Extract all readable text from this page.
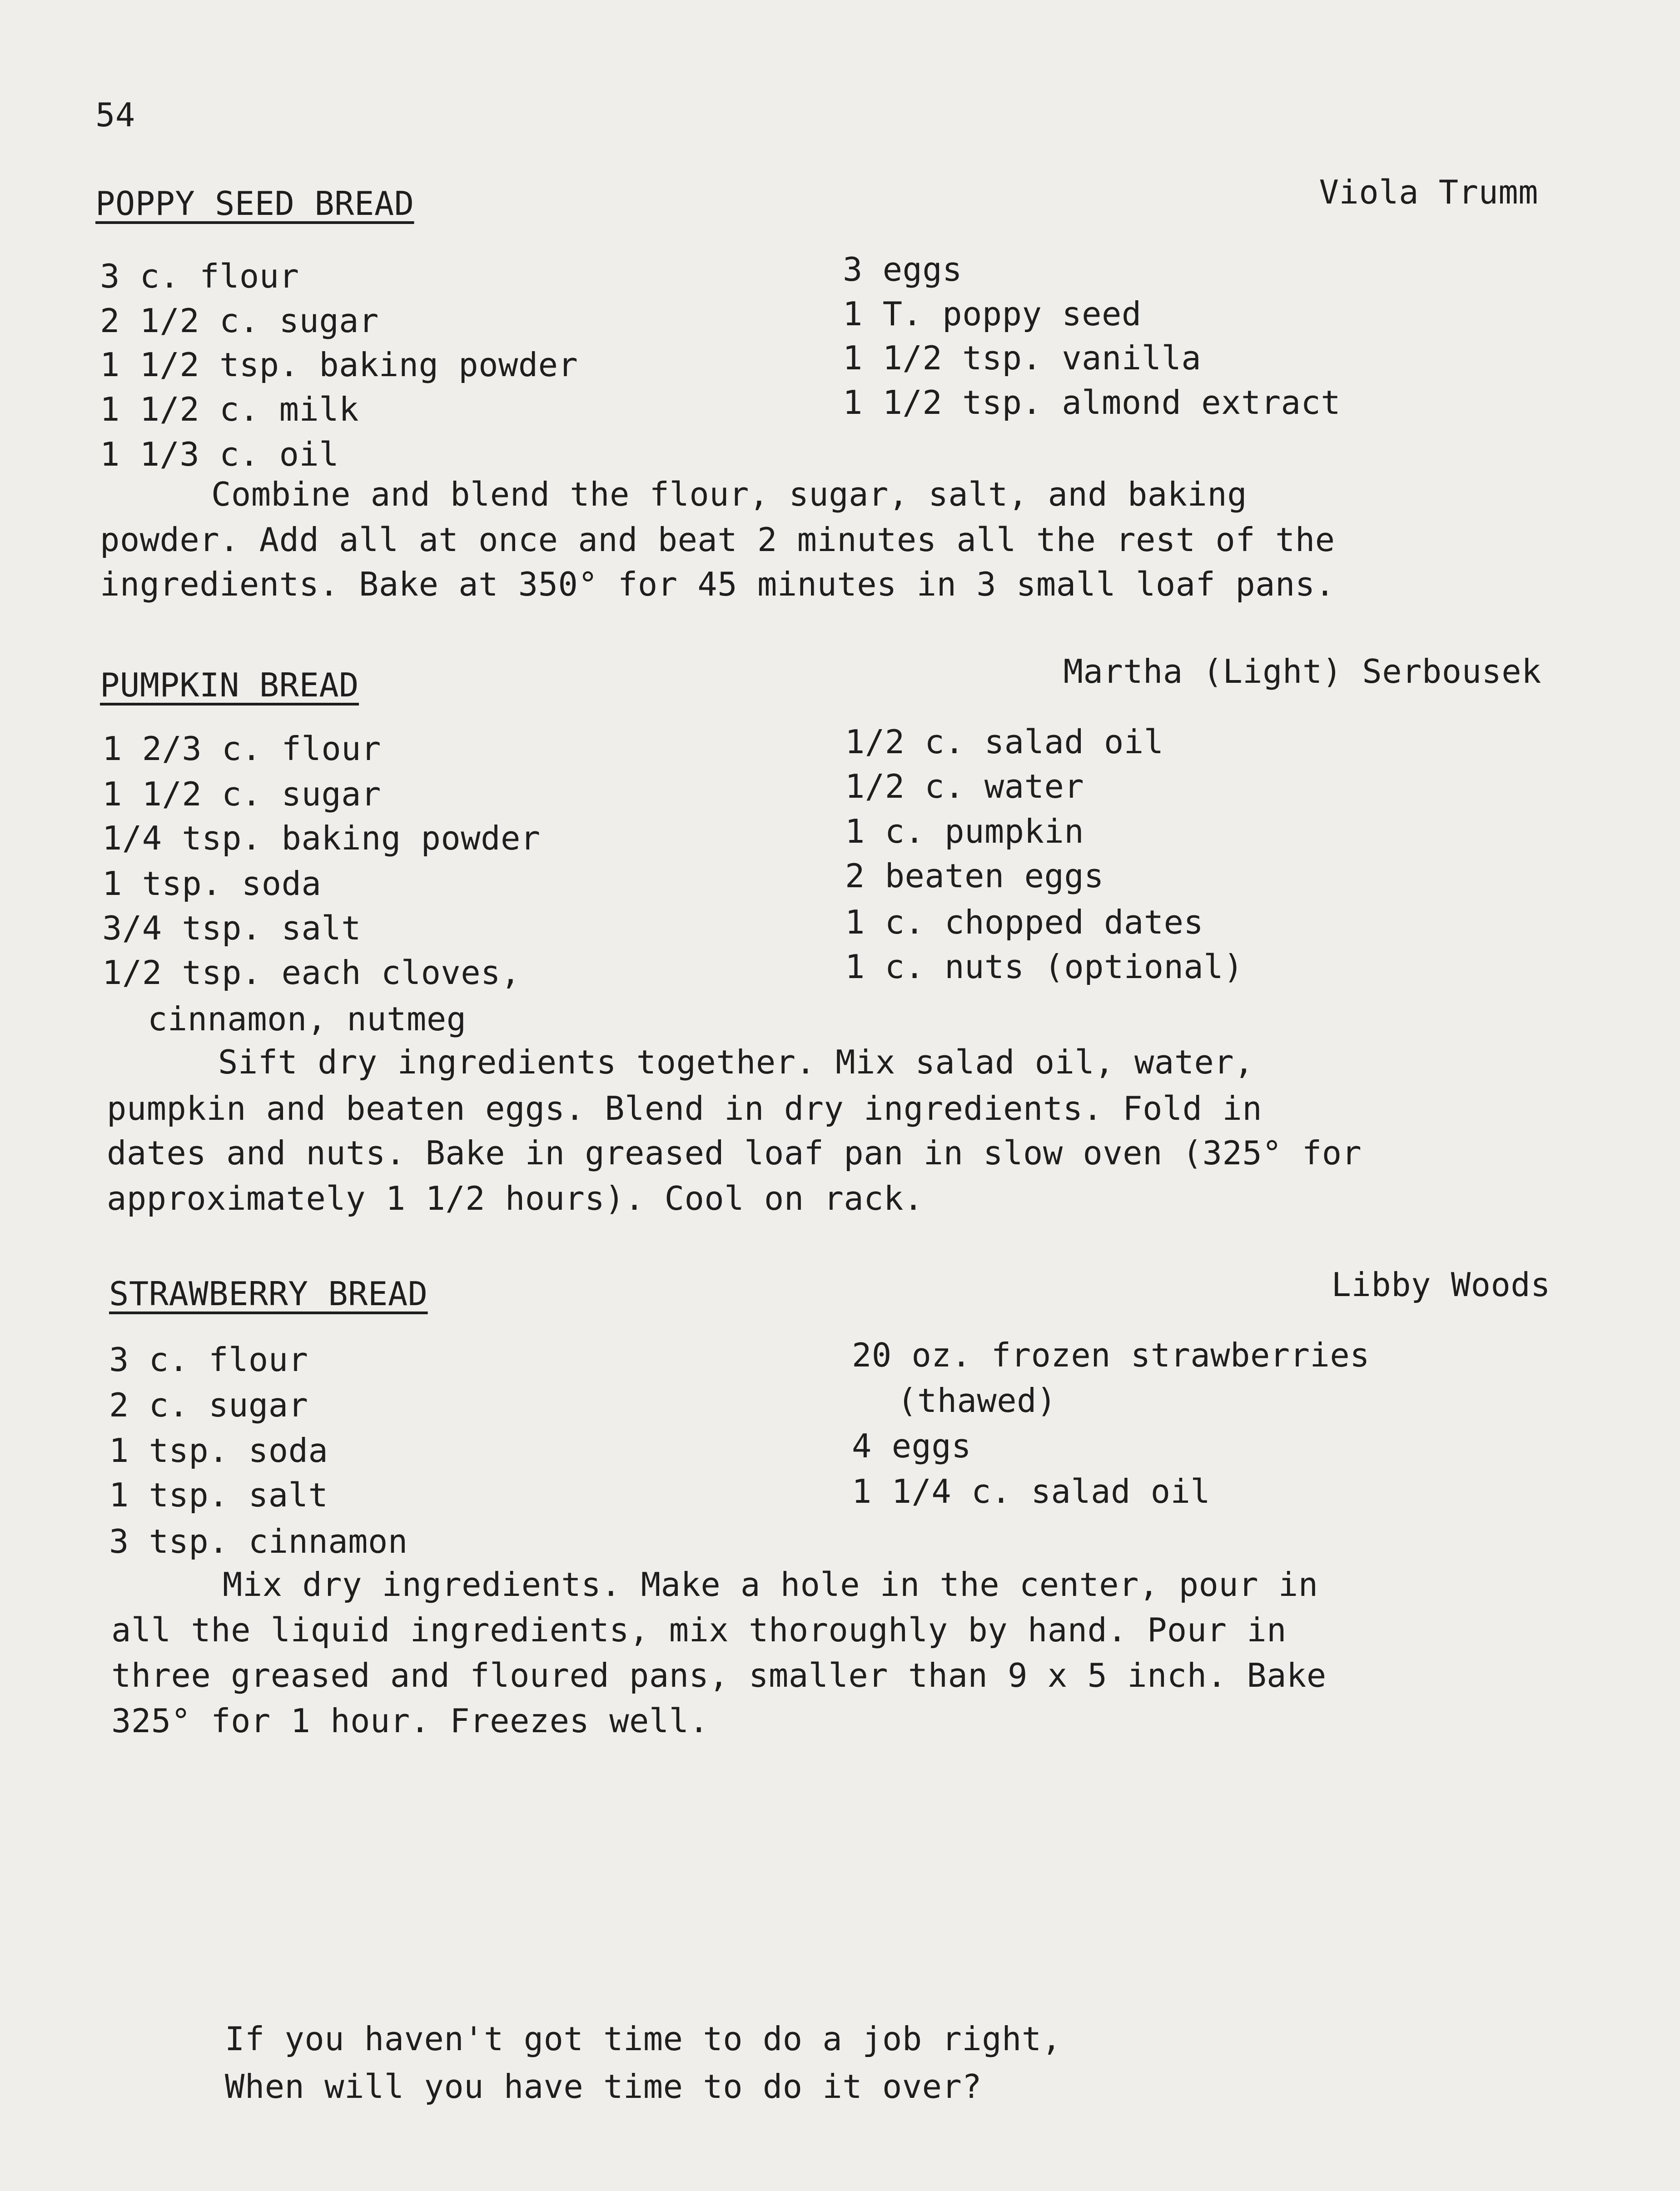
54
POPPY SEED BREAD	Viola Trumm
3 c. flour
2 1/2 c. sugar
1 1/2 tsp. baking powder
1 1/2 c. milk
1 1/3 c. oil
3 eggs
1 T. poppy seed
1 1/2 tsp. vanilla
1 1/2 tsp. almond extract
Combine and blend the flour, sugar, salt, and baking
powder. Add all at once and beat 2 minutes all the rest of the
ingredients. Bake at 350° for 45 minutes in 3 small loaf pans.
PUMPKIN BREAD	Martha (Light) Serbousek
1 2/3 c. flour
1 1/2 c. sugar
1/4 tsp. baking powder
1 tsp. soda
3/4 tsp. salt
1/2 tsp. each cloves,
cinnamon, nutmeg
1/2 c. salad oil
1/2 c. water
1 c. pumpkin
2 beaten eggs
1 c. chopped dates
1 c. nuts (optional)
Sift dry ingredients together. Mix salad oil, water,
pumpkin and beaten eggs. Blend in dry ingredients. Fold in
dates and nuts. Bake in greased loaf pan in slow oven (325° for
approximately 1 1/2 hours). Cool on rack.
STRAWBERRY BREAD	Libby Woods
3 c. flour
2 c. sugar
1 tsp. soda
1 tsp. salt
3 tsp. cinnamon
20 oz. frozen strawberries
(thawed)
4 eggs
1 1/4 c. salad oil
Mix dry ingredients. Make a hole in the center, pour in
all the liquid ingredients, mix thoroughly by hand. Pour in
three greased and floured pans, smaller than 9 x 5 inch. Bake
325° for 1 hour. Freezes well.
If you haven't got time to do a job right,
When will you have time to do it over?
